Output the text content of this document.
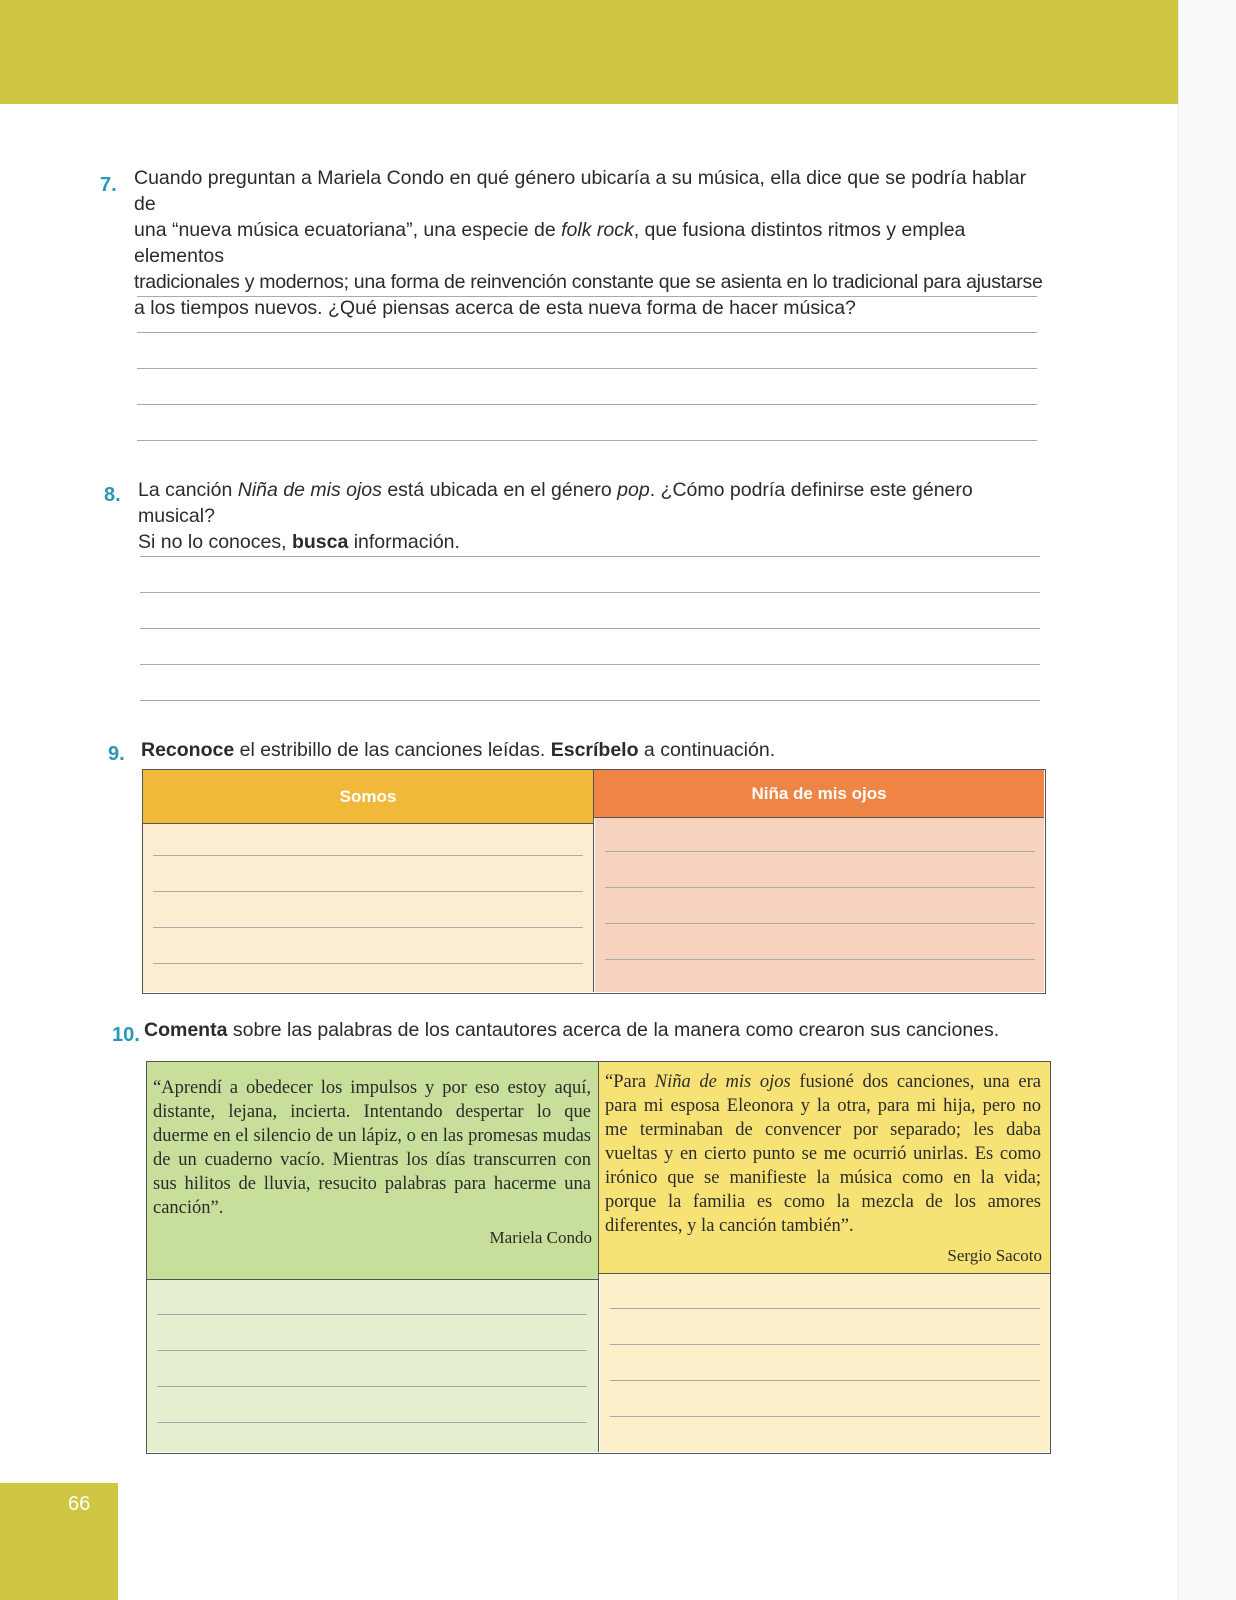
7. Cuando preguntan a Mariela Condo en qué género ubicaría a su música, ella dice que se podría hablar de
una “nueva música ecuatoriana”, una especie de folk rock, que fusiona distintos ritmos y emplea elementos
tradicionales y modernos; una forma de reinvención constante que se asienta en lo tradicional para ajustarse
a los tiempos nuevos. ¿Qué piensas acerca de esta nueva forma de hacer música?
8. La canción Niña de mis ojos está ubicada en el género pop. ¿Cómo podría definirse este género musical?
Si no lo conoces, busca información.
9. Reconoce el estribillo de las canciones leídas. Escríbelo a continuación.
Somos	Niña de mis ojos
10. Comenta sobre las palabras de los cantautores acerca de la manera como crearon sus canciones.
“Aprendí a obedecer los impulsos y por eso estoy aquí, distante, lejana, incierta. Intentando despertar lo que duerme en el silencio de un lápiz, o en las promesas mudas de un cuaderno vacío. Mientras los días transcurren con sus hilitos de lluvia, resucito palabras para hacerme una canción”.
Mariela Condo
“Para Niña de mis ojos fusioné dos canciones, una era para mi esposa Eleonora y la otra, para mi hija, pero no me terminaban de convencer por separado; les daba vueltas y en cierto punto se me ocurrió unirlas. Es como irónico que se manifieste la música como en la vida; porque la familia es como la mezcla de los amores diferentes, y la canción también”.
Sergio Sacoto
66
